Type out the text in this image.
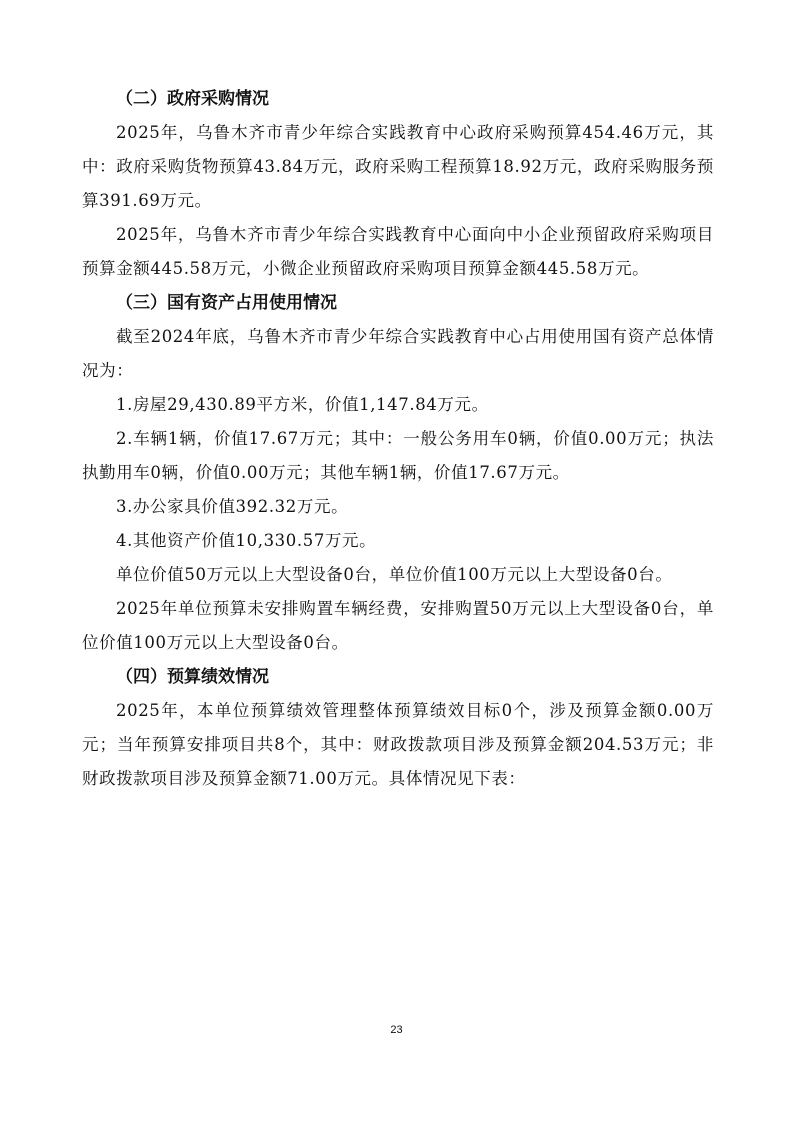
（二）政府采购情况

2025年，乌鲁木齐市青少年综合实践教育中心政府采购预算454.46万元，其中：政府采购货物预算43.84万元，政府采购工程预算18.92万元，政府采购服务预算391.69万元。

2025年，乌鲁木齐市青少年综合实践教育中心面向中小企业预留政府采购项目预算金额445.58万元，小微企业预留政府采购项目预算金额445.58万元。

（三）国有资产占用使用情况

截至2024年底，乌鲁木齐市青少年综合实践教育中心占用使用国有资产总体情况为：

1.房屋29,430.89平方米，价值1,147.84万元。

2.车辆1辆，价值17.67万元；其中：一般公务用车0辆，价值0.00万元；执法执勤用车0辆，价值0.00万元；其他车辆1辆，价值17.67万元。

3.办公家具价值392.32万元。

4.其他资产价值10,330.57万元。

单位价值50万元以上大型设备0台，单位价值100万元以上大型设备0台。

2025年单位预算未安排购置车辆经费，安排购置50万元以上大型设备0台，单位价值100万元以上大型设备0台。

（四）预算绩效情况

2025年，本单位预算绩效管理整体预算绩效目标0个，涉及预算金额0.00万元；当年预算安排项目共8个，其中：财政拨款项目涉及预算金额204.53万元；非财政拨款项目涉及预算金额71.00万元。具体情况见下表：

23
